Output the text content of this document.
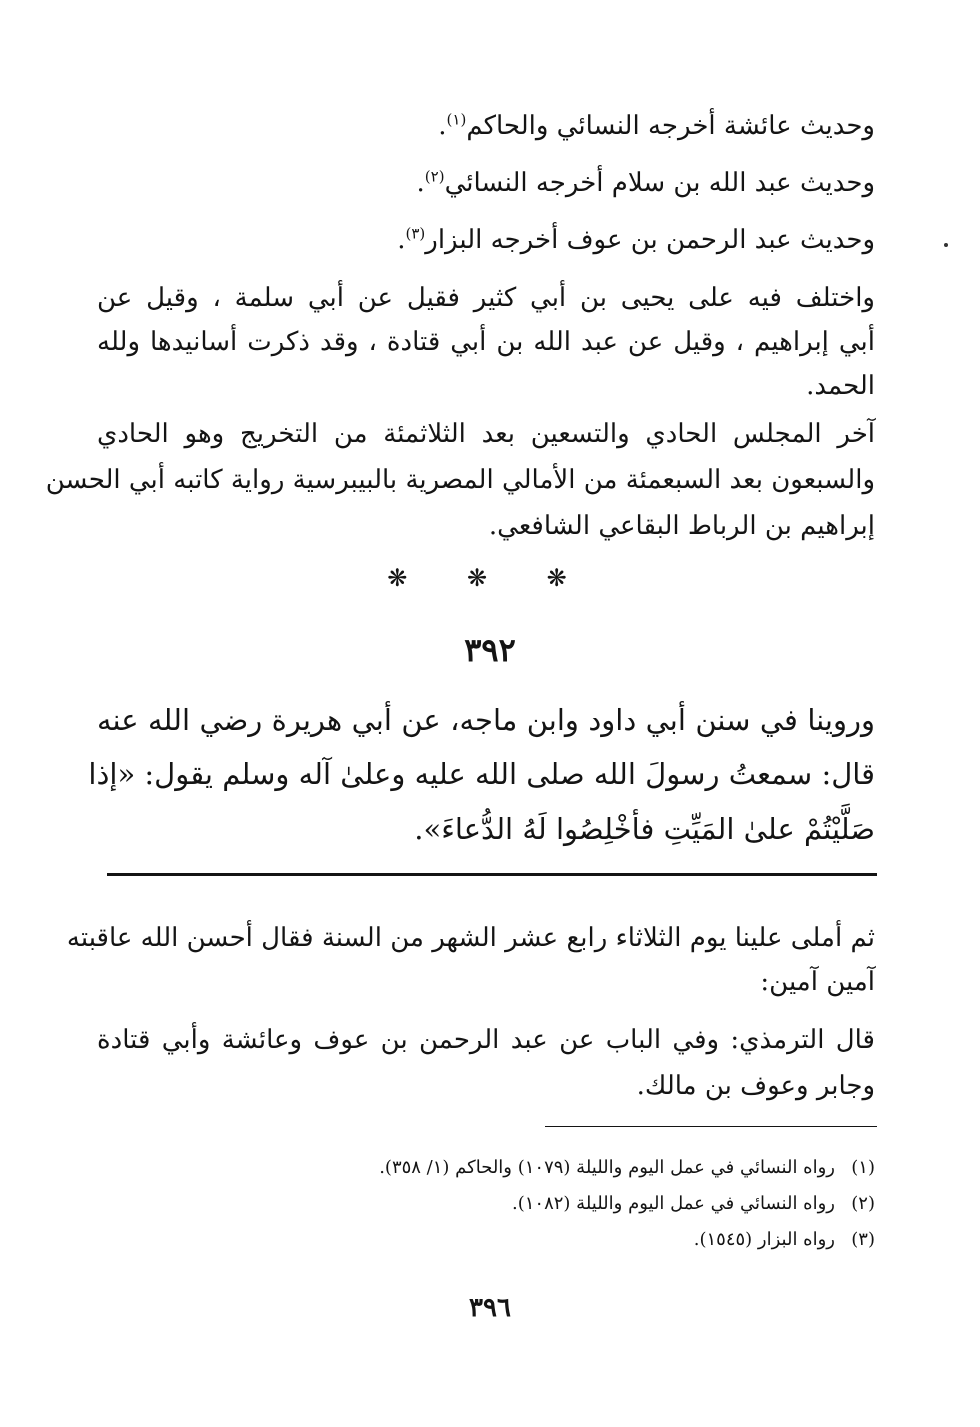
وحديث عائشة أخرجه النسائي والحاكم$^{(١)}$.
وحديث عبد الله بن سلام أخرجه النسائي$^{(٢)}$.
وحديث عبد الرحمن بن عوف أخرجه البزار$^{(٣)}$.
واختلف فيه على يحيى بن أبي كثير فقيل عن أبي سلمة ، وقيل عن
أبي إبراهيم ، وقيل عن عبد الله بن أبي قتادة ، وقد ذكرت أسانيدها ولله
الحمد.
آخر المجلس الحادي والتسعين بعد الثلاثمئة من التخريج وهو الحادي
والسبعون بعد السبعمئة من الأمالي المصرية بالبيبرسية رواية كاتبه أبي الحسن
إبراهيم بن الرباط البقاعي الشافعي.
❋ ❋ ❋
٣٩٢
وروينا في سنن أبي داود وابن ماجه، عن أبي هريرة رضي الله عنه
قال: سمعتُ رسولَ الله صلى الله عليه وعلىٰ آله وسلم يقول: «إذا
صَلَّيْتُمْ علىٰ المَيِّتِ فأخْلِصُوا لَهُ الدُّعاءَ».
ثم أملى علينا يوم الثلاثاء رابع عشر الشهر من السنة فقال أحسن الله عاقبته
آمين آمين:
قال الترمذي: وفي الباب عن عبد الرحمن بن عوف وعائشة وأبي قتادة
وجابر وعوف بن مالك.
(١)رواه النسائي في عمل اليوم والليلة (١٠٧٩) والحاكم (١/ ٣٥٨).
(٢)رواه النسائي في عمل اليوم والليلة (١٠٨٢).
(٣)رواه البزار (١٥٤٥).
٣٩٦
